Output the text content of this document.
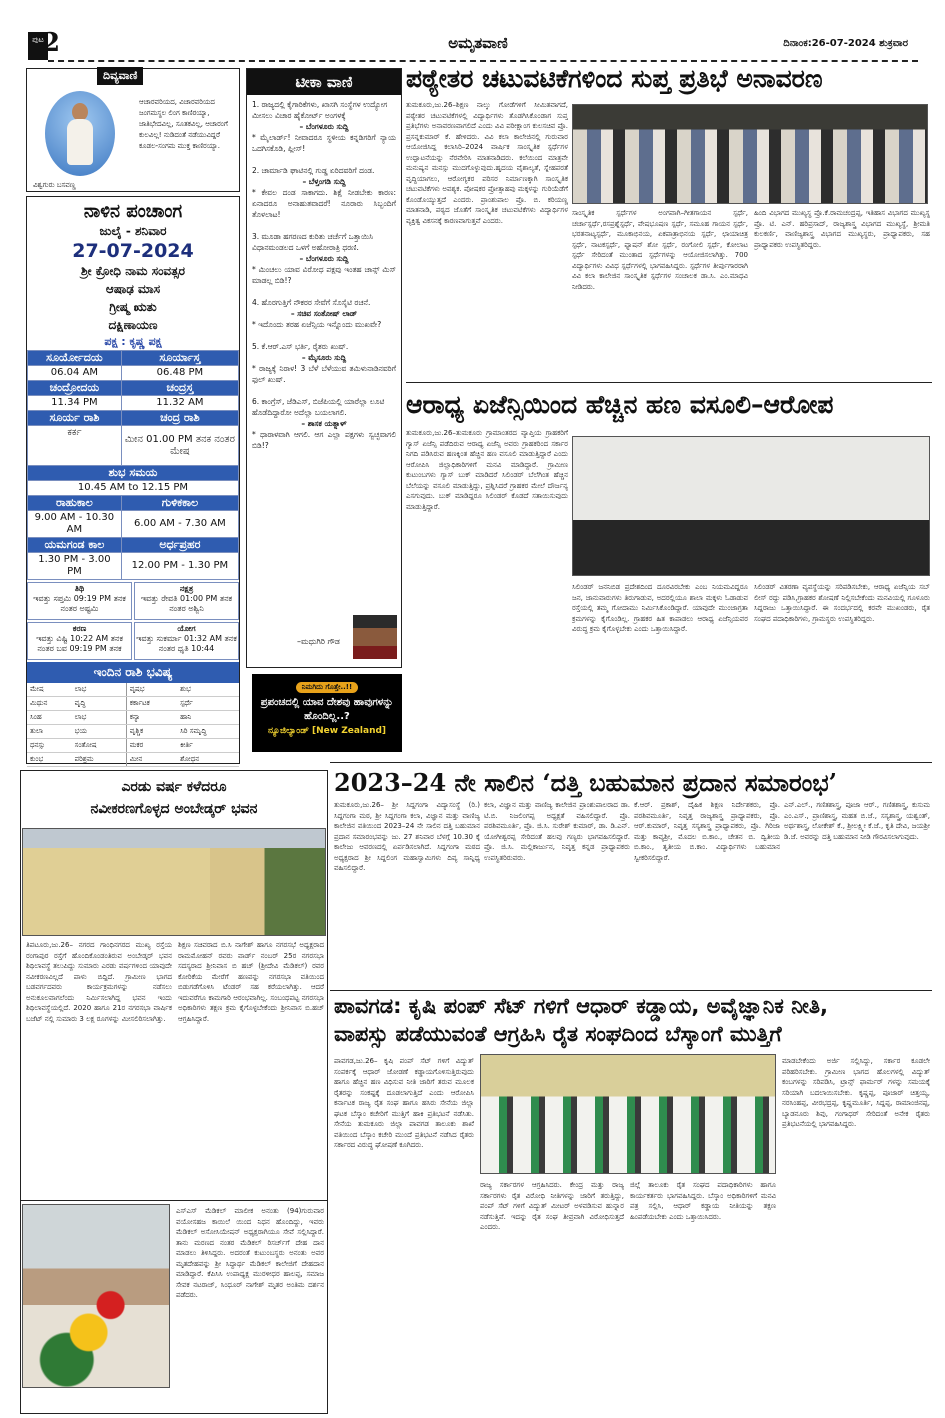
ಪುಟ
2	ಅಮೃತವಾಣಿ	ದಿನಾಂಕ:26-07-2024 ಶುಕ್ರವಾರ
ದಿವ್ಯವಾಣಿ
ವಿಶ್ವಗುರು ಬಸವಣ್ಣ
ಆಚಾರವರಿಯದ, ವಿಚಾರವರಿಯದ ಜಂಗಮಸ್ಥಲ ಲಿಂಗ ಕಾಣಿರಯ್ಯಾ, ಜಾತಿಭೇದವಿಲ್ಲ, ಸೂತಕವಿಲ್ಲ, ಆಚಾರಂಗೆ ಕುಲವಿಲ್ಲ! ನುಡಿದಂತೆ ನಡೆಯುವಿದ್ದರೆ ಕೂಡಲ-ಸಂಗಮ ಮುಕ್ತ ಕಾಣಿರಯ್ಯಾ.
ನಾಳಿನ ಪಂಚಾಂಗ
ಜುಲೈ - ಶನಿವಾರ
27-07-2024
ಶ್ರೀ ಕ್ರೋಧಿ ನಾಮ ಸಂವತ್ಸರ
ಆಷಾಢ ಮಾಸ
ಗ್ರೀಷ್ಮ ಋತು
ದಕ್ಷಿಣಾಯಣ
ಪಕ್ಷ : ಕೃಷ್ಣ ಪಕ್ಷ
ಸೂರ್ಯೋದಯ	ಸೂರ್ಯಾಸ್ತ
06.04 AM	06.48 PM
ಚಂದ್ರೋದಯ	ಚಂದ್ರಸ್ತ
11.34 PM	11.32 AM
ಸೂರ್ಯ ರಾಶಿ	ಚಂದ್ರ ರಾಶಿ
ಕರ್ಕ	ಮೀನ 01.00 PM ತನಕ ನಂತರ ಮೇಷ
ಶುಭ ಸಮಯ	
10.45 AM to 12.15 PM	
ರಾಹುಕಾಲ	ಗುಳಿಕಕಾಲ
9.00 AM - 10.30 AM	6.00 AM - 7.30 AM
ಯಮಗಂಡ ಕಾಲ	ಅರ್ಧಪ್ರಹರ
1.30 PM - 3.00 PM	12.00 PM - 1.30 PM
ತಿಥಿ
ಇವತ್ತು ಸಪ್ತಮಿ 09:19 PM ತನಕ ನಂತರ ಅಷ್ಟಮಿ
ನಕ್ಷತ್ರ
ಇವತ್ತು ರೇವತಿ 01:00 PM ತನಕ ನಂತರ ಅಶ್ವಿನಿ
ಕರಣ
ಇವತ್ತು ವಿಷ್ಟಿ 10:22 AM ತನಕ ನಂತರ ಬವ 09:19 PM ತನಕ
ಯೋಗ
ಇವತ್ತು ಸುಕರ್ಮಾ 01:32 AM ತನಕ ನಂತರ ಧೃತಿ 10:44
ಇಂದಿನ ರಾಶಿ ಭವಿಷ್ಯ
ಮೇಷ	ಲಾಭ	ವೃಷಭ	ಶುಭ
ಮಿಥುನ	ವೃದ್ಧಿ	ಕರ್ಕಾಟಕ	ಸ್ಪರ್ಧೆ
ಸಿಂಹ	ಲಾಭ	ಕನ್ಯಾ	ಹಾನಿ
ತುಲಾ	ಭಯ	ವೃಶ್ಚಿಕ	ಸಿರಿ ಸಮೃದ್ಧಿ
ಧನಸ್ಸು	ಸಂತೋಷ	ಮಕರ	ಕೀರ್ತಿ
ಕುಂಭ	ಪರಿಶ್ರಮ	ಮೀನ	ಶೋಧನ
ಟೀಕಾ ವಾಣಿ
1. ರಾಜ್ಯದಲ್ಲಿ ಕೈಗಾರಿಕೆಗಳು, ಖಾಸಗಿ ಸಂಸ್ಥೆಗಳ ಉದ್ಯೋಗ ಮೀಸಲು ವಿಚಾರ ಹೈಕೋರ್ಟ್ ಅಂಗಳಕ್ಕೆ
– ಬೆಂಗಳೂರು ಸುದ್ದಿ
* ಮೈಲಾರ್ಡ್! ನೀವಾದರೂ ಸ್ಥಳೀಯ ಕನ್ನಡಿಗರಿಗೆ ನ್ಯಾಯ ಒದಗಿಸಕೊಡಿ, ಪ್ಲೀಸ್!
2. ಚಾರ್ಮಾಡಿ ಘಾಟಿನಲ್ಲಿ ಗುಡ್ಡ ಏರಿದವರಿಗೆ ದಂಡ.
– ಬೆಳ್ತಂಗಡಿ ಸುದ್ದಿ
* ಕೇವಲ ದಂಡ ಸಾಕಾಗದು. ಶಿಕ್ಷೆ ನೀಡಬೇಕು ಕಾರಣ: ಏನಾದರೂ ಅನಾಹುತವಾದರೆ! ನೂರಾರು ಸಿಬ್ಬಂದಿಗೆ ತೊಳಲಾಟ!
3. ಮೂಡಾ ಹಗರಣದ ಕುರಿತು ಚರ್ಚೆಗೆ ಒತ್ತಾಯಿಸಿ ವಿಧಾನಮಂಡಲದ ಒಳಗೆ ಅಹೋರಾತ್ರಿ ಧರಣಿ.
– ಬೆಂಗಳೂರು ಸುದ್ದಿ
* ಮಿಂಚಲು ಯಾವ ವಿರೋಧ ಪಕ್ಷವು ಇಂತಹ ಚಾನ್ಸ್ ಮಿಸ್ ಮಾಡಲ್ಲ ಬಿಡಿ!?
4. ಹೊರಗುತ್ತಿಗೆ ನೌಕರರ ಸೇವೆಗೆ ಸೊಸೈಟಿ ರಚನೆ.
– ಸಚಿವ ಸಂತೋಷ್ ಲಾಡ್
* ಇದೊಂದು ತರಹ ಏಜೆನ್ಸಿಯ ಇನ್ನೊಂದು ಮುಖವೇ?
5. ಕೆ.ಆರ್.ಎಸ್ ಭರ್ತಿ, ರೈತರು ಖುಷ್.
– ಮೈಸೂರು ಸುದ್ದಿ
* ರಾಜ್ಯಕ್ಕೆ ನಿರಾಳ! 3 ಬೆಳೆ ಬೆಳೆಯುವ ತಮಿಳುನಾಡಿನವರಿಗೆ ಫುಲ್ ಖುಷ್.
6. ಕಾಂಗ್ರೆಸ್, ಜೆಡಿಎಸ್, ಬಿಜೆಪಿಯಲ್ಲಿ ಯಾರೆಲ್ಲಾ ಲೂಟಿ ಹೊಡೆದಿದ್ದಾರೋ ಅದೆಲ್ಲಾ ಬಯಲಾಗಲಿ.
– ಶಾಸಕ ಯತ್ನಾಳ್
* ಧಾರಾಳವಾಗಿ ಆಗಲಿ. ಆಗ ಎಲ್ಲಾ ಪಕ್ಷಗಳು ಸ್ವಚ್ಛವಾಗಲಿ ಬಿಡಿ!?
–ಮಧುಗಿರಿ ಗೌಡ
ನಿಮಗಿದು ಗೊತ್ತೇ..!!
ಪ್ರಪಂಚದಲ್ಲಿ ಯಾವ ದೇಶವು ಹಾವುಗಳನ್ನು ಹೊಂದಿಲ್ಲ..?
ನ್ಯೂಜಿಲ್ಯಾಂಡ್ [New Zealand]
ಪಠ್ಯೇತರ ಚಟುವಟಿಕೆಗಳಿಂದ ಸುಪ್ತ ಪ್ರತಿಭೆ ಅನಾವರಣ
ತುಮಕೂರು,ಜು.26–ಶಿಕ್ಷಣ ನಾಲ್ಕು ಗೋಡೆಗಳಿಗೆ ಸೀಮಿತವಾಗದೆ, ಪಠ್ಯೇತರ ಚಟುವಟಿಕೆಗಳಲ್ಲಿ ವಿದ್ಯಾರ್ಥಿಗಳು ತೊಡಗಿಸಿಕೊಂಡಾಗ ಸುಪ್ತ ಪ್ರತಿಭೆಗಳು ಅನಾವರಣವಾಗಲಿದೆ ಎಂದು ವಿವಿ ಪರೀಕ್ಷಾಂಗ ಕುಲಸಚಿವ ಪ್ರೊ. ಪ್ರಸನ್ನಕುಮಾರ್ ಕೆ. ಹೇಳಿದರು. ವಿವಿ ಕಲಾ ಕಾಲೇಜಿನಲ್ಲಿ ಗುರುವಾರ ಆಯೋಜಿಸಿದ್ದ ಕಲಾಸಿರಿ–2024 ವಾರ್ಷಿಕ ಸಾಂಸ್ಕೃತಿಕ ಸ್ಪರ್ಧೆಗಳ ಉದ್ಘಾಟನೆಯನ್ನು ನೆರವೇರಿಸಿ ಮಾತನಾಡಿದರು. ಕಲೆಯಿಂದ ಮಾತ್ರವೇ ಮನುಷ್ಯನ ಮನಸ್ಸು ಮುದಗೊಳ್ಳುವುದು.ಹೃದಯ ವೈಶಾಲ್ಯತೆ, ಸ್ನೇಹಪರತೆ ವೃದ್ಧಿಯಾಗಲು, ಆರೋಗ್ಯಕರ ಪರಿಸರ ನಿರ್ಮಾಣಕ್ಕಾಗಿ ಸಾಂಸ್ಕೃತಿಕ ಚಟುವಟಿಕೆಗಳು ಅವಶ್ಯಕ. ಪೋಷಕರ ಪ್ರೋತ್ಸಾಹವು ಮಕ್ಕಳನ್ನು ಗುರಿಯೆಡೆಗೆ ಕೊಂಡೊಯ್ಯುತ್ತದೆ ಎಂದರು. ಪ್ರಾಂಶುಪಾಲ ಪ್ರೊ. ಬಿ. ಕರಿಯಣ್ಣ ಮಾತನಾಡಿ, ಪಠ್ಯದ ಜೊತೆಗೆ ಸಾಂಸ್ಕೃತಿಕ ಚಟುವಟಿಕೆಗಳು ವಿದ್ಯಾರ್ಥಿಗಳ ವ್ಯಕ್ತಿತ್ವ ವಿಕಸನಕ್ಕೆ ಕಾರಣವಾಗುತ್ತವೆ ಎಂದರು.
ಸಾಂಸ್ಕೃತಿಕ ಸ್ಪರ್ಧೆಗಳ ಅಂಗವಾಗಿ–ಗೀತಗಾಯನ ಸ್ಪರ್ಧೆ, ಚರ್ಚಾಸ್ಪರ್ಧೆ,ರಸಪ್ರಶ್ನೆಸ್ಪರ್ಧೆ, ವೇಷಭೂಷಣ ಸ್ಪರ್ಧೆ, ಸಮೂಹ ಗಾಯನ ಸ್ಪರ್ಧೆ, ಭರತನಾಟ್ಯಸ್ಪರ್ಧೆ, ಮೂಕಾಭಿನಯ, ಏಕಪಾತ್ರಾಭಿನಯ ಸ್ಪರ್ಧೆ, ಛಾಯಾಚಿತ್ರ ಸ್ಪರ್ಧೆ, ನಾಟಕಸ್ಪರ್ಧೆ, ಫ್ಯಾಷನ್ ಶೋ ಸ್ಪರ್ಧೆ, ರಂಗೋಲಿ ಸ್ಪರ್ಧೆ, ಕೋಲಾಟ ಸ್ಪರ್ಧೆ ಸೇರಿದಂತೆ ಮುಂತಾದ ಸ್ಪರ್ಧೆಗಳನ್ನು ಆಯೋಜಿಸಲಾಗಿತ್ತು. 700 ವಿದ್ಯಾರ್ಥಿಗಳು ವಿವಿಧ ಸ್ಪರ್ಧೆಗಳಲ್ಲಿ ಭಾಗವಹಿಸಿದ್ದರು. ಸ್ಪರ್ಧೆಗಳ ತೀರ್ಪುಗಾರರಾಗಿ ವಿವಿ ಕಲಾ ಕಾಲೇಜಿನ ಸಾಂಸ್ಕೃತಿಕ ಸ್ಪರ್ಧೆಗಳ ಸಂಚಾಲಕ ಡಾ.ಸಿ. ಎಂ.ಮಾಧವಿ ನೀಡಿದರು.
ಹಿಂದಿ ವಿಭಾಗದ ಮುಖ್ಯಸ್ಥ ಪ್ರೊ.ಕೆ.ರಾಮಚಂದ್ರಪ್ಪ, ಇತಿಹಾಸ ವಿಭಾಗದ ಮುಖ್ಯಸ್ಥ ಪ್ರೊ. ಟಿ. ಎನ್. ಹರಿಪ್ರಸಾದ್, ರಾಜ್ಯಶಾಸ್ತ್ರ ವಿಭಾಗದ ಮುಖ್ಯಸ್ಥೆ, ಶ್ರೀಮತಿ ಕುಲಕರ್ಣಿ, ವಾಣಿಜ್ಯಶಾಸ್ತ್ರ ವಿಭಾಗದ ಮುಖ್ಯಸ್ಥರು, ಪ್ರಾಧ್ಯಾಪಕರು, ಸಹ ಪ್ರಾಧ್ಯಾಪಕರು ಉಪಸ್ಥಿತರಿದ್ದರು.
ಆರಾಧ್ಯ ಏಜೆನ್ಸಿಯಿಂದ ಹೆಚ್ಚಿನ ಹಣ ವಸೂಲಿ–ಆರೋಪ
ತುಮಕೂರು,ಜು.26–ತುಮಕೂರು ಗ್ರಾಮಾಂತರದ ವ್ಯಾಪ್ತಿಯ ಗ್ರಾಹಕರಿಗೆ ಗ್ಯಾಸ್ ಏಜೆನ್ಸಿ ಪಡೆದಿರುವ ಆರಾಧ್ಯ ಏಜೆನ್ಸಿ ಅವರು ಗ್ರಾಹಕರಿಂದ ಸರ್ಕಾರ ನಿಗದಿ ಪಡಿಸಿರುವ ಹಣಕ್ಕಿಂತ ಹೆಚ್ಚಿನ ಹಣ ವಸೂಲಿ ಮಾಡುತ್ತಿದ್ದಾರೆ ಎಂದು ಆರೋಪಿಸಿ ಜಿಲ್ಲಾಧಿಕಾರಿಗಳಿಗೆ ಮನವಿ ಮಾಡಿದ್ದಾರೆ. ಗ್ರಾಮೀಣ ಕುಟುಂಬಗಳು ಗ್ಯಾಸ್ ಬುಕ್ ಮಾಡಿದರೆ ಸಿಲಿಂಡರ್ ಬೆಲೆಗಿಂತ ಹೆಚ್ಚಿನ ಬೆಲೆಯನ್ನು ವಸೂಲಿ ಮಾಡುತ್ತಿದ್ದು, ಪ್ರಶ್ನಿಸಿದರೆ ಗ್ರಾಹಕರ ಮೇಲೆ ದೌರ್ಜನ್ಯ ಎಸಗುವುದು. ಬುಕ್ ಮಾಡಿದ್ದರೂ ಸಿಲಿಂಡರ್ ಕೊಡದೆ ಸತಾಯಿಸುವುದು ಮಾಡುತ್ತಿದ್ದಾರೆ.
ಸಿಲಿಂಡರ್ ಜನನಿಬಿಡ ಪ್ರದೇಶದಿಂದ ದೂರವಿರಬೇಕು ಎಂಬ ನಿಯಮವಿದ್ದರೂ ಜನ, ಜಾನುವಾರುಗಳು ತಿರುಗಾಡುವ, ಅದರಲ್ಲಿಯೂ ಶಾಲಾ ಮಕ್ಕಳು ಓಡಾಡುವ ರಸ್ತೆಯಲ್ಲಿ ತಮ್ಮ ಗೋದಾಮು ನಿರ್ಮಿಸಿಕೊಂಡಿದ್ದಾರೆ. ಯಾವುದೇ ಮುಂಜಾಗ್ರತಾ ಕ್ರಮಗಳನ್ನು ಕೈಗೊಂಡಿಲ್ಲ. ಗ್ರಾಹಕರ ಹಿತ ಕಾಪಾಡಲು ಆರಾಧ್ಯ ಏಜೆನ್ಸಿಯವರ ವಿರುದ್ಧ ಕ್ರಮ ಕೈಗೊಳ್ಳಬೇಕು ಎಂದು ಒತ್ತಾಯಿಸಿದ್ದಾರೆ.
ಸಿಲಿಂಡರ್ ವಿತರಣಾ ವ್ಯವಸ್ಥೆಯನ್ನು ಸರಿಪಡಿಸಬೇಕು, ಆರಾಧ್ಯ ಏಜೆನ್ಸಿಯ ಸಬ್ ಲೀಸ್ ರದ್ದು ಪಡಿಸಿ,ಗ್ರಾಹಕರ ಶೋಷಣೆ ನಿಲ್ಲಿಸಬೇಕೆಂದು ಮನವಿಯಲ್ಲಿ ಗೂಳೂರು ಸಿದ್ದರಾಜು ಒತ್ತಾಯಿಸಿದ್ದಾರೆ. ಈ ಸಂದರ್ಭದಲ್ಲಿ ಕರವೇ ಮುಖಂಡರು, ರೈತ ಸಂಘದ ಪದಾಧಿಕಾರಿಗಳು, ಗ್ರಾಮಸ್ಥರು ಉಪಸ್ಥಿತರಿದ್ದರು.
ಎರಡು ವರ್ಷ ಕಳೆದರೂ
ನವೀಕರಣಗೊಳ್ಳದ ಅಂಬೇಡ್ಕರ್ ಭವನ
ತಿಪಟೂರು,ಜು.26– ನಗರದ ಗಾಂಧಿನಗರದ ಮುಖ್ಯ ರಸ್ತೆಯ ರಂಗಾಪುರ ರಸ್ತೆಗೆ ಹೊಂದಿಕೊಂಡಂತಿರುವ ಅಂಬೇಡ್ಕರ್ ಭವನ ಶಿಥಿಲಾವಸ್ಥೆ ತಲುಪಿದ್ದು ಸುಮಾರು ಎರಡು ವರ್ಷಗಳಿಂದ ಯಾವುದೇ ನವೀಕರಣವಿಲ್ಲದೆ ಪಾಳು ಬಿದ್ದಿದೆ. ಗ್ರಾಮೀಣ ಭಾಗದ ಬಡವರ್ಗದವರು ಕಾರ್ಯಕ್ರಮಗಳನ್ನು ನಡೆಸಲು ಅನುಕೂಲವಾಗಲೆಂದು ನಿರ್ಮಿಸಲಾಗಿದ್ದ ಭವನ ಇಂದು ಶಿಥಿಲಾವಸ್ಥೆಯಲ್ಲಿದೆ. 2020 ಹಾಗೂ 21ರ ನಗರಸಭಾ ವಾರ್ಷಿಕ ಬಜೆಟ್ ನಲ್ಲಿ ಸುಮಾರು 3 ಲಕ್ಷ ರೂಗಳನ್ನು ಮೀಸಲಿರಿಸಲಾಗಿತ್ತು.
ಶಿಕ್ಷಣ ಸಚಿವರಾದ ಬಿ.ಸಿ ನಾಗೇಶ್ ಹಾಗೂ ನಗರಸಭೆ ಅಧ್ಯಕ್ಷರಾದ ರಾಮಮೋಹನ್ ರವರು ವಾರ್ಡ್ ನಂಬರ್ 25ರ ನಗರಸಭಾ ಸದಸ್ಯರಾದ ಶ್ರೀನಿವಾಸ ಬಿ ಹಚ್ (ಶ್ರೀದೇವಿ ಮೆಡಿಕಲ್) ರವರ ಕೋರಿಕೆಯ ಮೇರೆಗೆ ಹಣವನ್ನು ನಗರಸಭಾ ವತಿಯಿಂದ ಬಿಡುಗಡೆಗೊಳಿಸಿ ಟೆಂಡರ್ ಸಹ ಕರೆಯಲಾಗಿತ್ತು. ಆದರೆ ಇದುವರೆಗೂ ಕಾಮಗಾರಿ ಆರಂಭವಾಗಿಲ್ಲ. ಸಂಬಂಧಪಟ್ಟ ನಗರಸಭಾ ಅಧಿಕಾರಿಗಳು ತಕ್ಷಣ ಕ್ರಮ ಕೈಗೊಳ್ಳಬೇಕೆಂದು ಶ್ರೀನಿವಾಸ ಬಿ.ಹಚ್ ಆಗ್ರಹಿಸಿದ್ದಾರೆ.
ಎಸ್ಎಸ್ ಮೆಡಿಕಲ್ ಮಾಲೀಕ ಅನಂತು (94)ಗುರುವಾರ ವಯೋಸಹಜ ಕಾಯಿಲೆ ಯಿಂದ ನಿಧನ ಹೊಂದಿದ್ದು, ಇವರು ಮೆಡಿಕಲ್ ಅಸೋಸಿಯೇಷನ್ ಅಧ್ಯಕ್ಷರಾಗಿಯೂ ಸೇವೆ ಸಲ್ಲಿಸಿದ್ದಾರೆ. ತಾನು ಮರಣದ ನಂತರ ಮೆಡಿಕಲ್ ರಿಸರ್ಚ್‌ಗೆ ದೇಹ ದಾನ ಮಾಡಲು ತಿಳಿಸಿದ್ದರು. ಅದರಂತೆ ಕುಟುಂಬಸ್ಥರು ಅನಂತು ಅವರ ಮೃತದೇಹವನ್ನು ಶ್ರೀ ಸಿದ್ಧಾರ್ಥ ಮೆಡಿಕಲ್ ಕಾಲೇಜಿಗೆ ದೇಹದಾನ ಮಾಡಿದ್ದಾರೆ. ಕೆಪಿಸಿಸಿ ಉಪಾಧ್ಯಕ್ಷ ಮುರಳೀಧರ ಹಾಲಪ್ಪ, ಸಮಾಜ ಸೇವಕ ನಟರಾಜ್, ಸಿಂಧೂರ್ ನಾಗೇಶ್ ಮೃತರ ಅಂತಿಮ ದರ್ಶನ ಪಡೆದರು.
2023–24 ನೇ ಸಾಲಿನ ‘ದತ್ತಿ ಬಹುಮಾನ ಪ್ರದಾನ ಸಮಾರಂಭ’
ತುಮಕೂರು,ಜು.26– ಶ್ರೀ ಸಿದ್ದಗಂಗಾ ವಿದ್ಯಾಸಂಸ್ಥೆ (ರಿ.) ಸಿದ್ದಗಂಗಾ ಮಠ, ಶ್ರೀ ಸಿದ್ದಗಂಗಾ ಕಲಾ, ವಿಜ್ಞಾನ ಮತ್ತು ವಾಣಿಜ್ಯ ಕಾಲೇಜಿನ ವತಿಯಿಂದ 2023–24 ನೇ ಸಾಲಿನ ದತ್ತಿ ಬಹುಮಾನ ಪ್ರದಾನ ಸಮಾರಂಭವನ್ನು ಜು. 27 ಶನಿವಾರ ಬೆಳಗ್ಗೆ 10.30 ಕ್ಕೆ ಕಾಲೇಜು ಆವರಣದಲ್ಲಿ ಏರ್ಪಡಿಸಲಾಗಿದೆ. ಸಿದ್ದಗಂಗಾ ಮಠದ ಅಧ್ಯಕ್ಷರಾದ ಶ್ರೀ ಸಿದ್ದಲಿಂಗ ಮಹಾಸ್ವಾಮಿಗಳು ದಿವ್ಯ ಸಾನ್ನಿಧ್ಯ ವಹಿಸಲಿದ್ದಾರೆ.
ಕಲಾ, ವಿಜ್ಞಾನ ಮತ್ತು ವಾಣಿಜ್ಯ ಕಾಲೇಜಿನ ಪ್ರಾಂಶುಪಾಲರಾದ ಡಾ. ಟಿ.ಬಿ. ನಿಜಲಿಂಗಪ್ಪ ಅಧ್ಯಕ್ಷತೆ ವಹಿಸಲಿದ್ದಾರೆ. ಪ್ರೊ. ಪರಶಿವಮೂರ್ತಿ, ಪ್ರೊ. ಜಿ.ಸಿ. ಸುರೇಶ್ ಕುಮಾರ್, ಡಾ. ಡಿ.ಎನ್. ಯೋಗೀಶ್ವರಪ್ಪ ಸೇರಿದಂತೆ ಹಲವು ಗಣ್ಯರು ಭಾಗವಹಿಸಲಿದ್ದಾರೆ. ಪ್ರೊ. ಜಿ.ಸಿ. ಮಲ್ಲಿಕಾರ್ಜುನ, ನಿವೃತ್ತ ಕನ್ನಡ ಪ್ರಾಧ್ಯಾಪಕರು ಉಪಸ್ಥಿತರಿರುವರು.
ಕೆ.ಆರ್. ಪ್ರಕಾಶ್, ದೈಹಿಕ ಶಿಕ್ಷಣ ನಿರ್ದೇಶಕರು, ಪ್ರೊ. ಪರಶಿವಮೂರ್ತಿ, ನಿವೃತ್ತ ರಾಜ್ಯಶಾಸ್ತ್ರ ಪ್ರಾಧ್ಯಾಪಕರು, ಪ್ರೊ. ಆರ್.ಕುಮಾರ್, ನಿವೃತ್ತ ಸಸ್ಯಶಾಸ್ತ್ರ ಪ್ರಾಧ್ಯಾಪಕರು, ಪ್ರೊ. ಗಿರಿಜಾ ಮತ್ತು ಕಾವ್ಯಶ್ರೀ, ಮೊದಲ ಬಿ.ಕಾಂ., ಚೇತನ ಬಿ. ದ್ವಿತೀಯ ಬಿ.ಕಾಂ., ತೃತೀಯ ಬಿ.ಕಾಂ. ವಿದ್ಯಾರ್ಥಿಗಳು ಬಹುಮಾನ ಸ್ವೀಕರಿಸಲಿದ್ದಾರೆ.
ಎನ್.ಎಲ್., ಗಣಿತಶಾಸ್ತ್ರ, ಪೂಜಾ ಆರ್., ಗಣಿತಶಾಸ್ತ್ರ, ಕುಸುಮ ಎಂ.ಎಸ್., ಪ್ರಾಣಿಶಾಸ್ತ್ರ, ಮಹತ ಬಿ.ಜೆ., ಸಸ್ಯಶಾಸ್ತ್ರ, ಯಶ್ವಂತ್, ಅರ್ಥಶಾಸ್ತ್ರ, ಲೋಕೇಶ್ ಕೆ., ಶ್ರೀಲಕ್ಷ್ಮೀ ಕೆ.ಜೆ., ಕೃತಿ ದೇವಿ, ಜಯಶ್ರೀ ಡಿ.ಜೆ. ಅವರನ್ನು ದತ್ತಿ ಬಹುಮಾನ ನೀಡಿ ಗೌರವಿಸಲಾಗುವುದು.
ಪಾವಗಡ: ಕೃಷಿ ಪಂಪ್ ಸೆಟ್ ಗಳಿಗೆ ಆಧಾರ್ ಕಡ್ಡಾಯ, ಅವೈಜ್ಞಾನಿಕ ನೀತಿ,
ವಾಪಸ್ಸು ಪಡೆಯುವಂತೆ ಆಗ್ರಹಿಸಿ ರೈತ ಸಂಘದಿಂದ ಬೆಸ್ಕಾಂಗೆ ಮುತ್ತಿಗೆ
ಪಾವಗಡ,ಜು.26– ಕೃಷಿ ಪಂಪ್ ಸೆಟ್ ಗಳಿಗೆ ವಿದ್ಯುತ್ ಸಂಪರ್ಕಕ್ಕೆ ಆಧಾರ್ ಜೋಡಣೆ ಕಡ್ಡಾಯಗೊಳಿಸುತ್ತಿರುವುದು ಹಾಗೂ ಹೆಚ್ಚಿನ ಹಣ ವಿಧಿಸುವ ನೀತಿ ಜಾರಿಗೆ ತರುವ ಮೂಲಕ ರೈತರನ್ನು ಸಂಕಷ್ಟಕ್ಕೆ ದೂಡಲಾಗುತ್ತಿದೆ ಎಂದು ಆರೋಪಿಸಿ ಕರ್ನಾಟಕ ರಾಜ್ಯ ರೈತ ಸಂಘ ಹಾಗೂ ಹಸಿರು ಸೇನೆಯ ಜಿಲ್ಲಾ ಘಟಕ ಬೆಸ್ಕಾಂ ಕಚೇರಿಗೆ ಮುತ್ತಿಗೆ ಹಾಕಿ ಪ್ರತಿಭಟನೆ ನಡೆಸಿತು. ಸೇನೆಯ ತುಮಕೂರು ಜಿಲ್ಲಾ ಪಾವಗಡ ತಾಲೂಕು ಶಾಖೆ ವತಿಯಿಂದ ಬೆಸ್ಕಾಂ ಕಚೇರಿ ಮುಂದೆ ಪ್ರತಿಭಟನೆ ನಡೆಸಿದ ರೈತರು ಸರ್ಕಾರದ ವಿರುದ್ಧ ಘೋಷಣೆ ಕೂಗಿದರು.
ರಾಜ್ಯ ಸರ್ಕಾರಗಳ ಆಗ್ರಹಿಸಿದರು. ಕೇಂದ್ರ ಮತ್ತು ರಾಜ್ಯ ಸರ್ಕಾರಗಳು ರೈತ ವಿರೋಧಿ ನೀತಿಗಳನ್ನು ಜಾರಿಗೆ ತರುತ್ತಿದ್ದು, ಪಂಪ್ ಸೆಟ್ ಗಳಿಗೆ ವಿದ್ಯುತ್ ಮೀಟರ್ ಅಳವಡಿಸುವ ಹುನ್ನಾರ ನಡೆಸುತ್ತಿವೆ. ಇದನ್ನು ರೈತ ಸಂಘ ತೀವ್ರವಾಗಿ ವಿರೋಧಿಸುತ್ತದೆ ಎಂದರು.
ಜಿಲ್ಲೆ ತಾಲೂಕು ರೈತ ಸಂಘದ ಪದಾಧಿಕಾರಿಗಳು ಹಾಗೂ ಕಾರ್ಯಕರ್ತರು ಭಾಗವಹಿಸಿದ್ದರು. ಬೆಸ್ಕಾಂ ಅಧಿಕಾರಿಗಳಿಗೆ ಮನವಿ ಪತ್ರ ಸಲ್ಲಿಸಿ, ಆಧಾರ್ ಕಡ್ಡಾಯ ನೀತಿಯನ್ನು ತಕ್ಷಣ ಹಿಂಪಡೆಯಬೇಕು ಎಂದು ಒತ್ತಾಯಿಸಿದರು.
ಮಾಡಬೇಕೆಂದು ಅರ್ಜಿ ಸಲ್ಲಿಸಿದ್ದು, ಸರ್ಕಾರ ಕೂಡಲೇ ಪರಿಹರಿಸಬೇಕು. ಗ್ರಾಮೀಣ ಭಾಗದ ಹೊಲಗಳಲ್ಲಿ ವಿದ್ಯುತ್ ಕಂಬಗಳನ್ನು ಸರಿಪಡಿಸಿ, ಟ್ರಾನ್ಸ್ ಫಾರ್ಮರ್ ಗಳನ್ನು ಸಮಯಕ್ಕೆ ಸರಿಯಾಗಿ ಬದಲಾಯಿಸಬೇಕು. ಕೃಷ್ಣಪ್ಪ, ಪೂಜಾರ್ ಚಿತ್ತಯ್ಯ, ನರಸಿಂಹಪ್ಪ, ವೀರಭದ್ರಪ್ಪ, ಕೃಷ್ಣಮೂರ್ತಿ, ಸಿದ್ದಪ್ಪ, ರಾಮಾಂಜಿನಪ್ಪ, ಬ್ಯಾಡನೂರು ಶಿವು, ಗಂಗಾಧರ್ ಸೇರಿದಂತೆ ಅನೇಕ ರೈತರು ಪ್ರತಿಭಟನೆಯಲ್ಲಿ ಭಾಗವಹಿಸಿದ್ದರು.
